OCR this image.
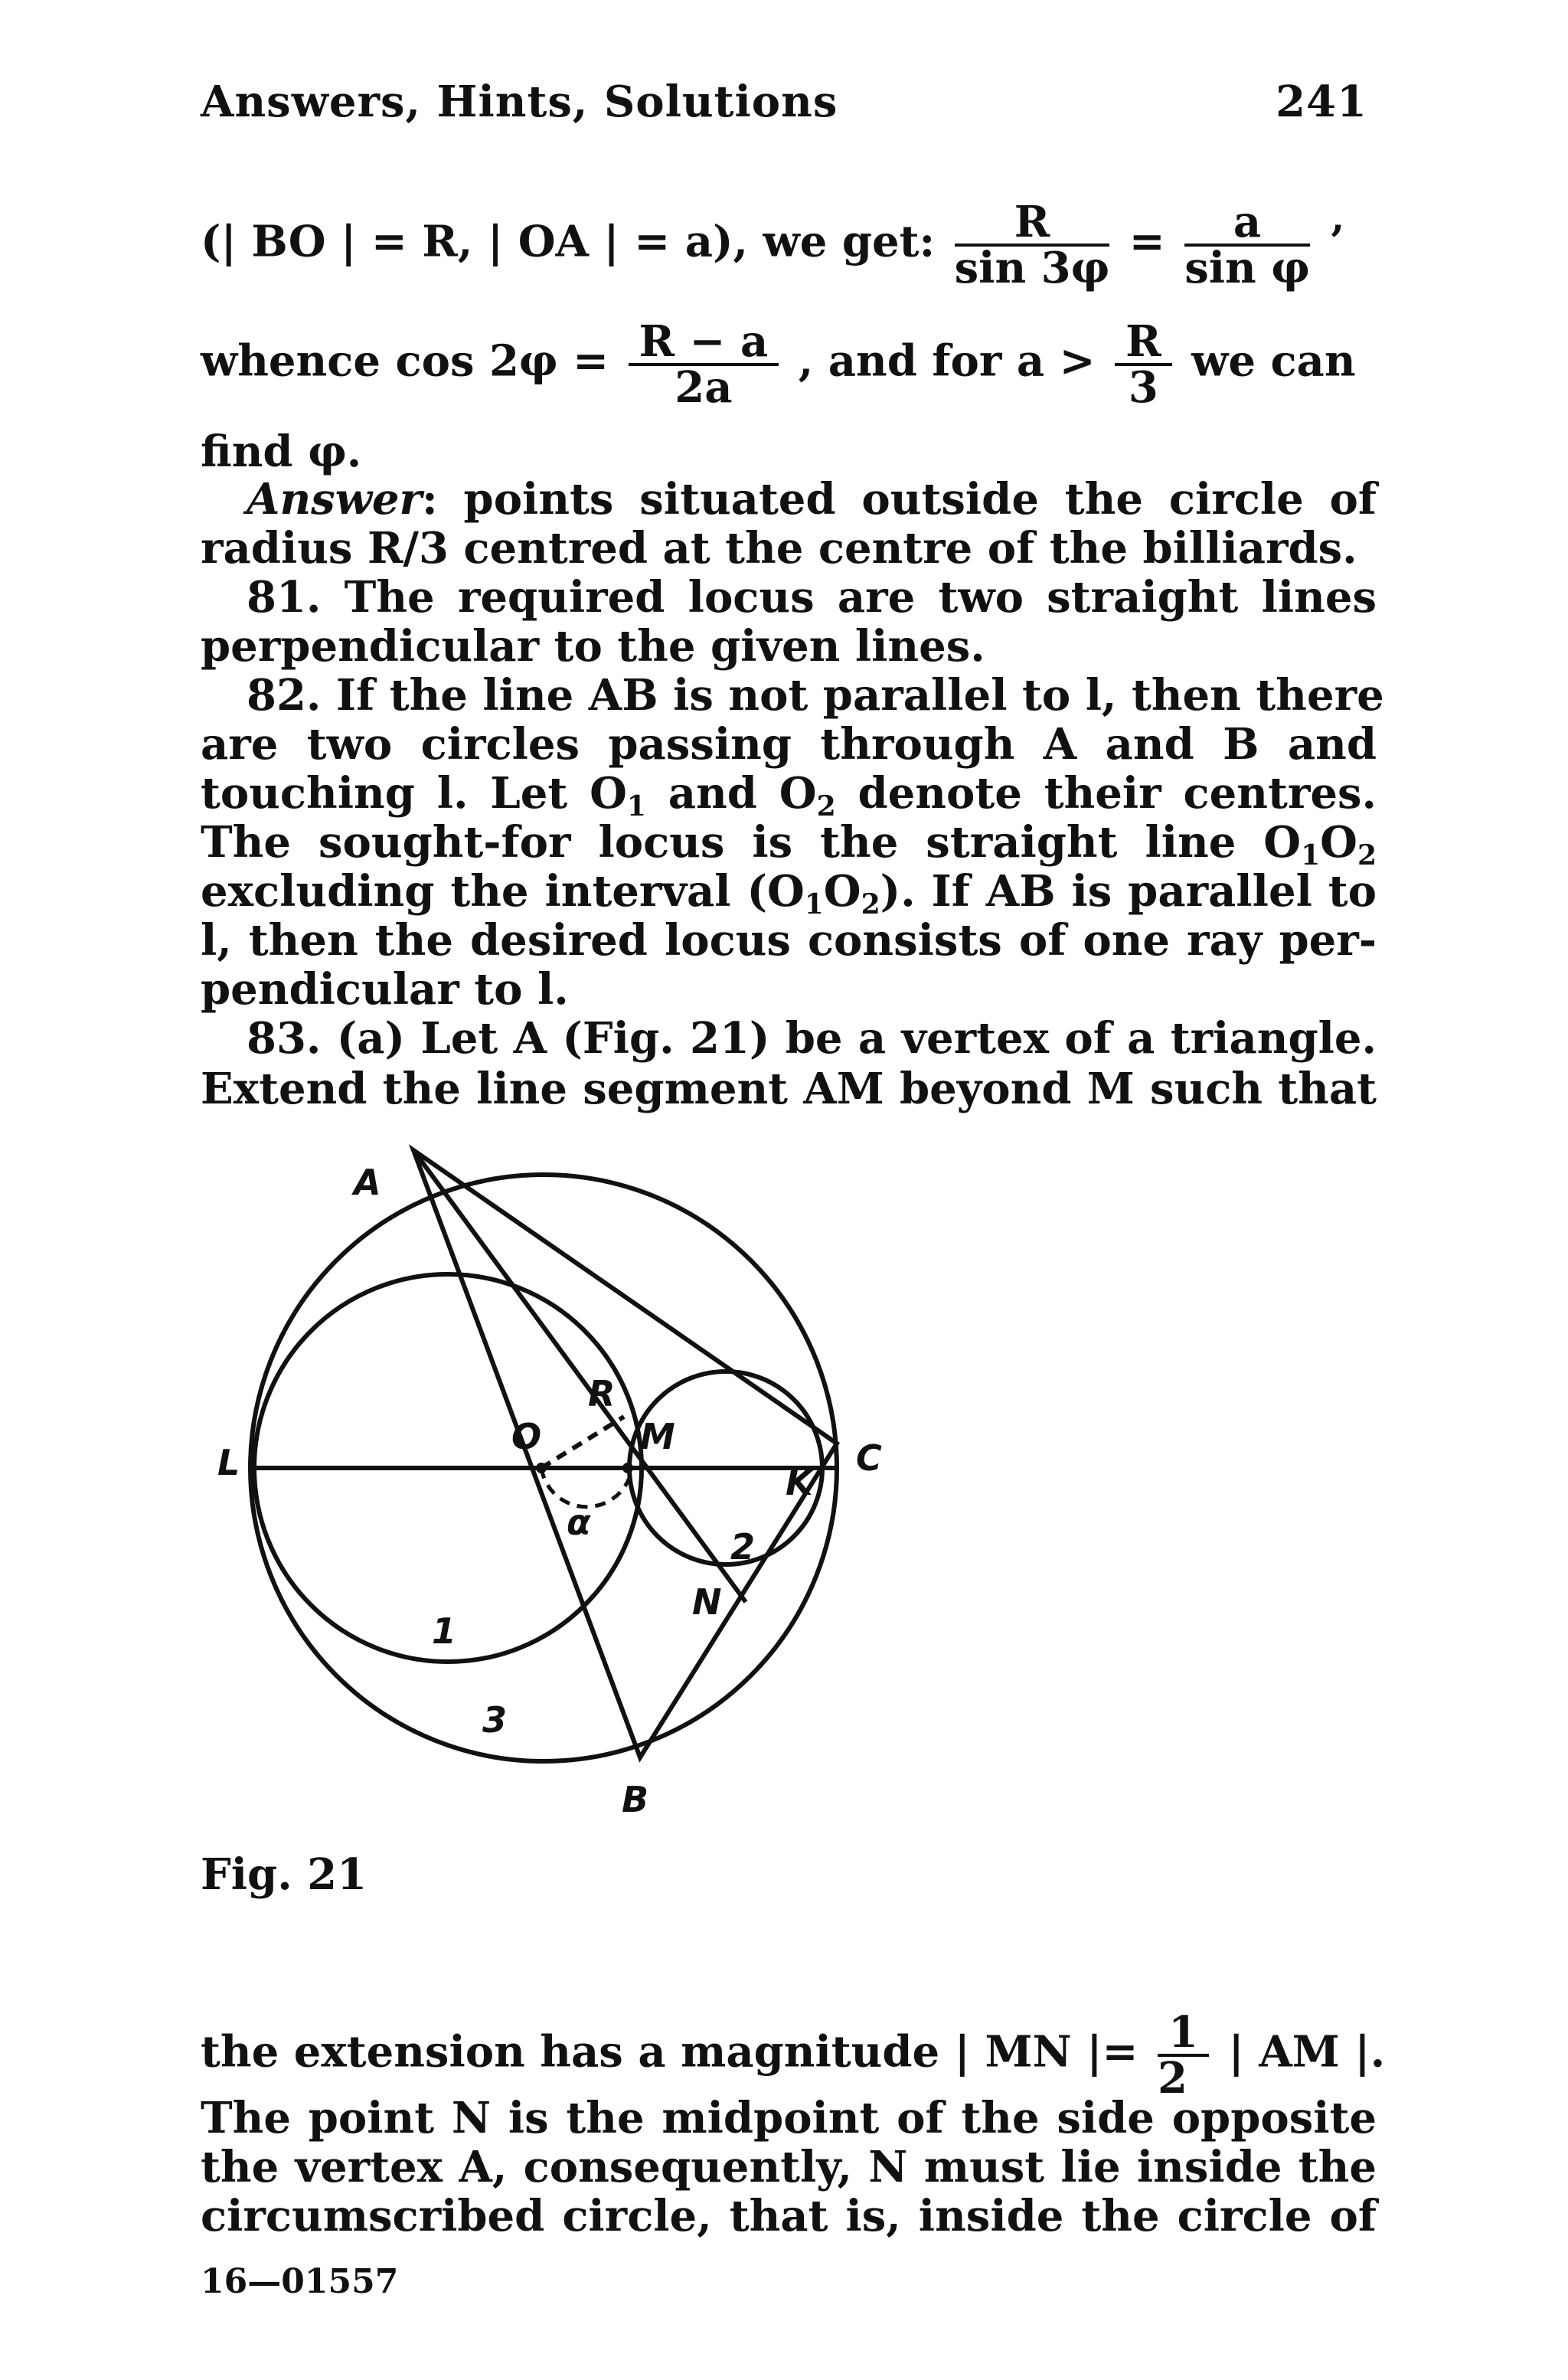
Answers, Hints, Solutions	241
(| BO | = R, | OA | = a), we get: $\frac{R}{\sin 3\varphi} = \frac{a}{\text{sin φ}}$ ’
whence $\cos 2\varphi = \frac{R - a}{2a}$ , and for $a > \frac{R}{3}$ we can
find φ.
Answer: points situated outside the circle of
radius R/3 centred at the centre of the billiards.
81. The required locus are two straight lines
perpendicular to the given lines.
82. If the line AB is not parallel to l, then there
are two circles passing through A and B and
touching l. Let $O_1$ and $O_2$ denote their centres.
The sought-for locus is the straight line $O_1O_2$
excluding the interval $(O_1O_2)$. If AB is parallel to
l, then the desired locus consists of one ray per-
pendicular to l.
83. (a) Let A (Fig. 21) be a vertex of a triangle.
Extend the line segment AM beyond M such that
A
B
C
L
O
R
M
K
N
α
1
2
3
Fig. 21
the extension has a magnitude | MN |= $\frac{1}{2}$ | AM |.
The point N is the midpoint of the side opposite
the vertex A, consequently, N must lie inside the
circumscribed circle, that is, inside the circle of
16—01557
